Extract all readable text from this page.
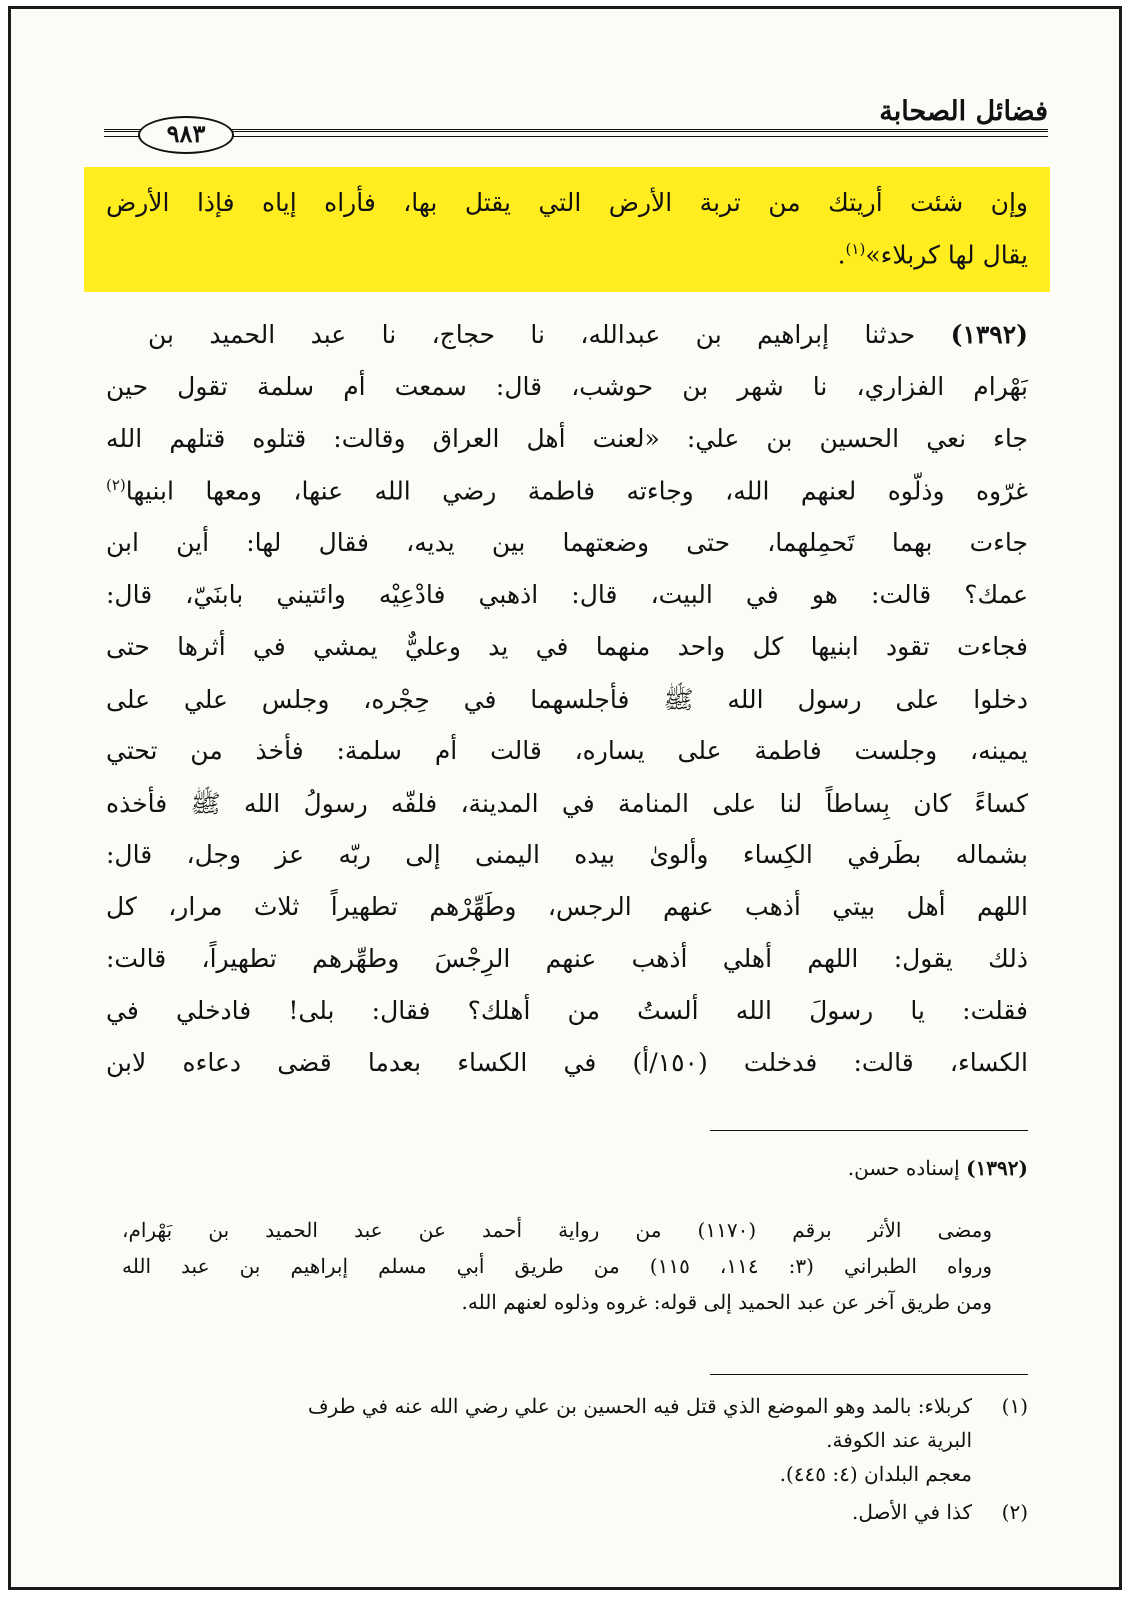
فضائل الصحابة
٩٨٣
وإن شئت أريتك من تربة الأرض التي يقتل بها، فأراه إياه فإذا الأرض
يقال لها كربلاء»$^{(١)}$.
(١٣٩٢) حدثنا إبراهيم بن عبدالله، نا حجاج، نا عبد الحميد بن
بَهْرام الفزاري، نا شهر بن حوشب، قال: سمعت أم سلمة تقول حين
جاء نعي الحسين بن علي: «لعنت أهل العراق وقالت: قتلوه قتلهم الله
غرّوه وذلّوه لعنهم الله، وجاءته فاطمة رضي الله عنها، ومعها ابنيها$^{(٢)}$
جاءت بهما تَحمِلهما، حتى وضعتهما بين يديه، فقال لها: أين ابن
عمك؟ قالت: هو في البيت، قال: اذهبي فادْعِيْه وائتيني بابنَيّ، قال:
فجاءت تقود ابنيها كل واحد منهما في يد وعليٌّ يمشي في أثرها حتى
دخلوا على رسول الله ﷺ فأجلسهما في حِجْره، وجلس علي على
يمينه، وجلست فاطمة على يساره، قالت أم سلمة: فأخذ من تحتي
كساءً كان بِساطاً لنا على المنامة في المدينة، فلفّه رسولُ الله ﷺ فأخذه
بشماله بطَرفي الكِساء وألوىٰ بيده اليمنى إلى ربّه عز وجل، قال:
اللهم أهل بيتي أذهب عنهم الرجس، وطَهِّرْهم تطهيراً ثلاث مرار، كل
ذلك يقول: اللهم أهلي أذهب عنهم الرِجْسَ وطهِّرهم تطهيراً، قالت:
فقلت: يا رسولَ الله ألستُ من أهلك؟ فقال: بلى! فادخلي في
الكساء، قالت: فدخلت (١٥٠/أ) في الكساء بعدما قضى دعاءه لابن
(١٣٩٢) إسناده حسن.
ومضى الأثر برقم (١١٧٠) من رواية أحمد عن عبد الحميد بن بَهْرام،
ورواه الطبراني (٣: ١١٤، ١١٥) من طريق أبي مسلم إبراهيم بن عبد الله
ومن طريق آخر عن عبد الحميد إلى قوله: غروه وذلوه لعنهم الله.
(١)كربلاء: بالمد وهو الموضع الذي قتل فيه الحسين بن علي رضي الله عنه في طرف
البرية عند الكوفة.
معجم البلدان (٤: ٤٤٥).
(٢)كذا في الأصل.
